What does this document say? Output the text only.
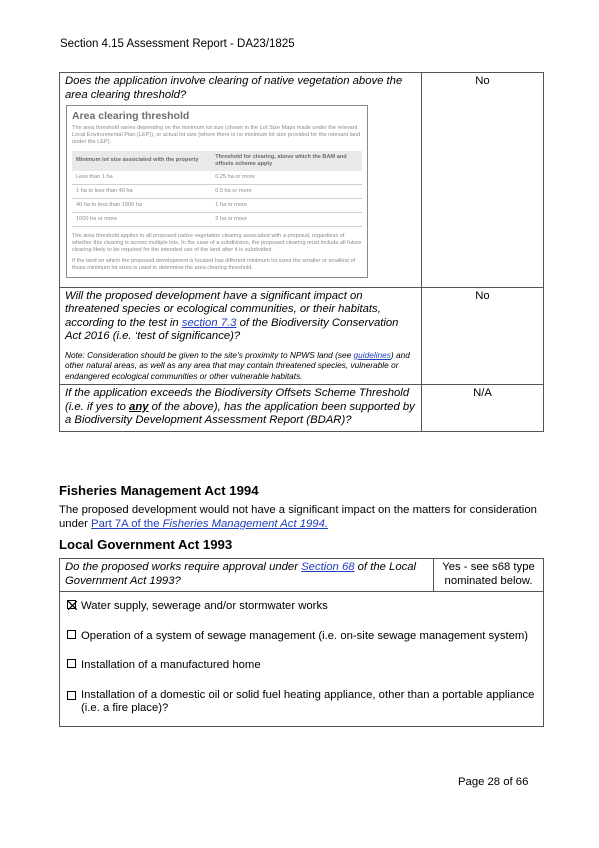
Section 4.15 Assessment Report - DA23/1825
Does the application involve clearing of native vegetation above the area clearing threshold?
Area clearing threshold
The area threshold varies depending on the minimum lot size (shown in the Lot Size Maps made under the relevant Local Environmental Plan (LEP)), or actual lot size (where there is no minimum lot size provided for the relevant land under the LEP).
Minimum lot size associated with the property	Threshold for clearing, above which the BAM and offsets scheme apply
Less than 1 ha	0.25 ha or more
1 ha to less than 40 ha	0.5 ha or more
40 ha to less than 1000 ha	1 ha or more
1000 ha or more	2 ha or more
The area threshold applies to all proposed native vegetation clearing associated with a proposal, regardless of whether this clearing is across multiple lots. In the case of a subdivision, the proposed clearing must include all future clearing likely to be required for the intended use of the land after it is subdivided.
If the land on which the proposed development is located has different minimum lot sizes the smaller or smallest of those minimum lot sizes is used to determine the area clearing threshold.
	No

Will the proposed development have a significant impact on threatened species or ecological communities, or their habitats, according to the test in section 7.3 of the Biodiversity Conservation Act 2016 (i.e. ‘test of significance)?
Note: Consideration should be given to the site’s proximity to NPWS land (see guidelines) and other natural areas, as well as any area that may contain threatened species, vulnerable or endangered ecological communities or other vulnerable habitats.
	No

If the application exceeds the Biodiversity Offsets Scheme Threshold (i.e. if yes to any of the above), has the application been supported by a Biodiversity Development Assessment Report (BDAR)?
	N/A
Fisheries Management Act 1994
The proposed development would not have a significant impact on the matters for consideration under Part 7A of the Fisheries Management Act 1994.
Local Government Act 1993
Do the proposed works require approval under Section 68 of the Local Government Act 1993?
	Yes - see s68 type nominated below.

Water supply, sewerage and/or stormwater works
Operation of a system of sewage management (i.e. on-site sewage management system)
Installation of a manufactured home
Installation of a domestic oil or solid fuel heating appliance, other than a portable appliance (i.e. a fire place)?
Page 28 of 66
